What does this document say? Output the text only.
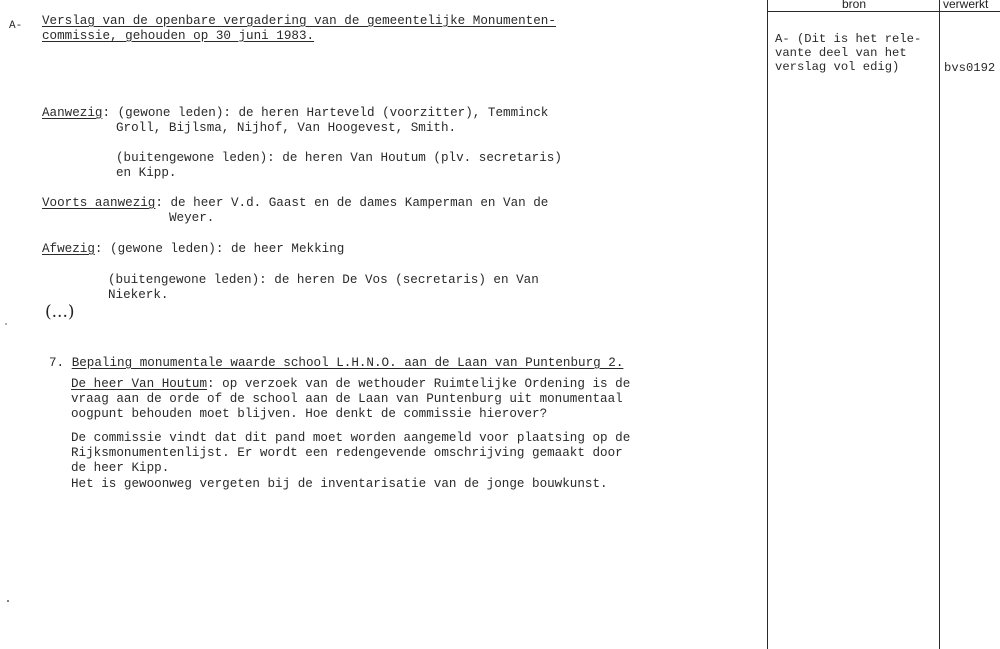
bron	verwerkt
A- Verslag van de openbare vergadering van de gemeentelijke Monumenten-
commissie, gehouden op 30 juni 1983.
Aanwezig: (gewone leden): de heren Harteveld (voorzitter), Temminck
Groll, Bijlsma, Nijhof, Van Hoogevest, Smith.
(buitengewone leden): de heren Van Houtum (plv. secretaris)
en Kipp.
Voorts aanwezig: de heer V.d. Gaast en de dames Kamperman en Van de
Weyer.
Afwezig: (gewone leden): de heer Mekking
(buitengewone leden): de heren De Vos (secretaris) en Van
Niekerk.
(...)
7. Bepaling monumentale waarde school L.H.N.O. aan de Laan van Puntenburg 2.
De heer Van Houtum: op verzoek van de wethouder Ruimtelijke Ordening is de
vraag aan de orde of de school aan de Laan van Puntenburg uit monumentaal
oogpunt behouden moet blijven. Hoe denkt de commissie hierover?
De commissie vindt dat dit pand moet worden aangemeld voor plaatsing op de
Rijksmonumentenlijst. Er wordt een redengevende omschrijving gemaakt door
de heer Kipp.
Het is gewoonweg vergeten bij de inventarisatie van de jonge bouwkunst.
A- (Dit is het rele-
vante deel van het
verslag vol edig)	bvs0192
